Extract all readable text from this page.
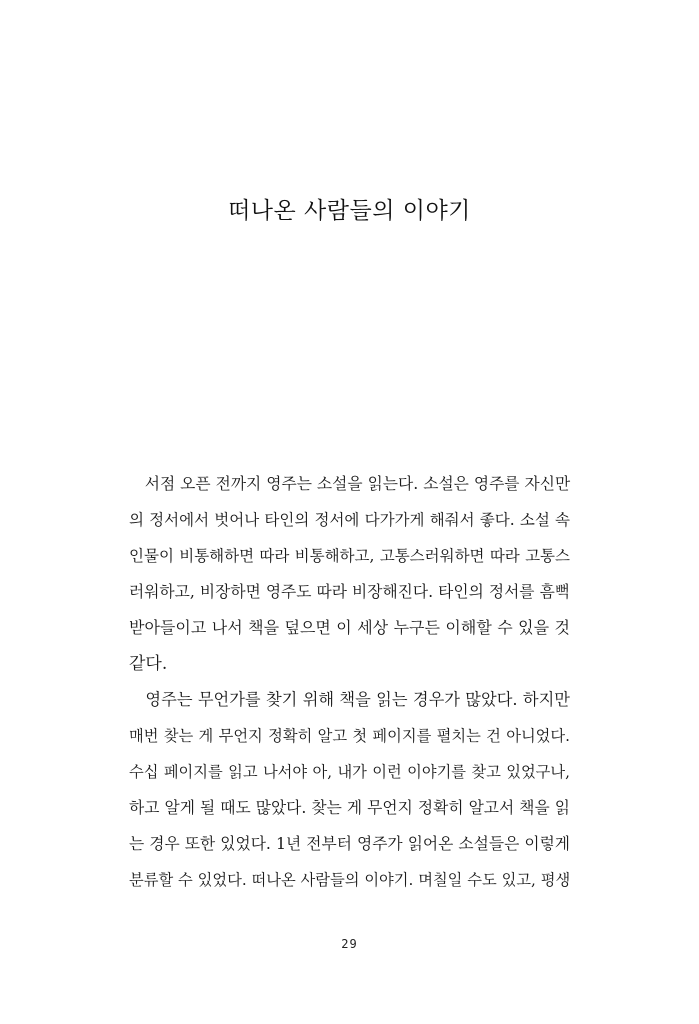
떠나온 사람들의 이야기
　서점 오픈 전까지 영주는 소설을 읽는다. 소설은 영주를 자신만
의 정서에서 벗어나 타인의 정서에 다가가게 해줘서 좋다. 소설 속
인물이 비통해하면 따라 비통해하고, 고통스러워하면 따라 고통스
러워하고, 비장하면 영주도 따라 비장해진다. 타인의 정서를 흠뻑
받아들이고 나서 책을 덮으면 이 세상 누구든 이해할 수 있을 것
같다.
　영주는 무언가를 찾기 위해 책을 읽는 경우가 많았다. 하지만
매번 찾는 게 무언지 정확히 알고 첫 페이지를 펼치는 건 아니었다.
수십 페이지를 읽고 나서야 아, 내가 이런 이야기를 찾고 있었구나,
하고 알게 될 때도 많았다. 찾는 게 무언지 정확히 알고서 책을 읽
는 경우 또한 있었다. 1년 전부터 영주가 읽어온 소설들은 이렇게
분류할 수 있었다. 떠나온 사람들의 이야기. 며칠일 수도 있고, 평생
29
